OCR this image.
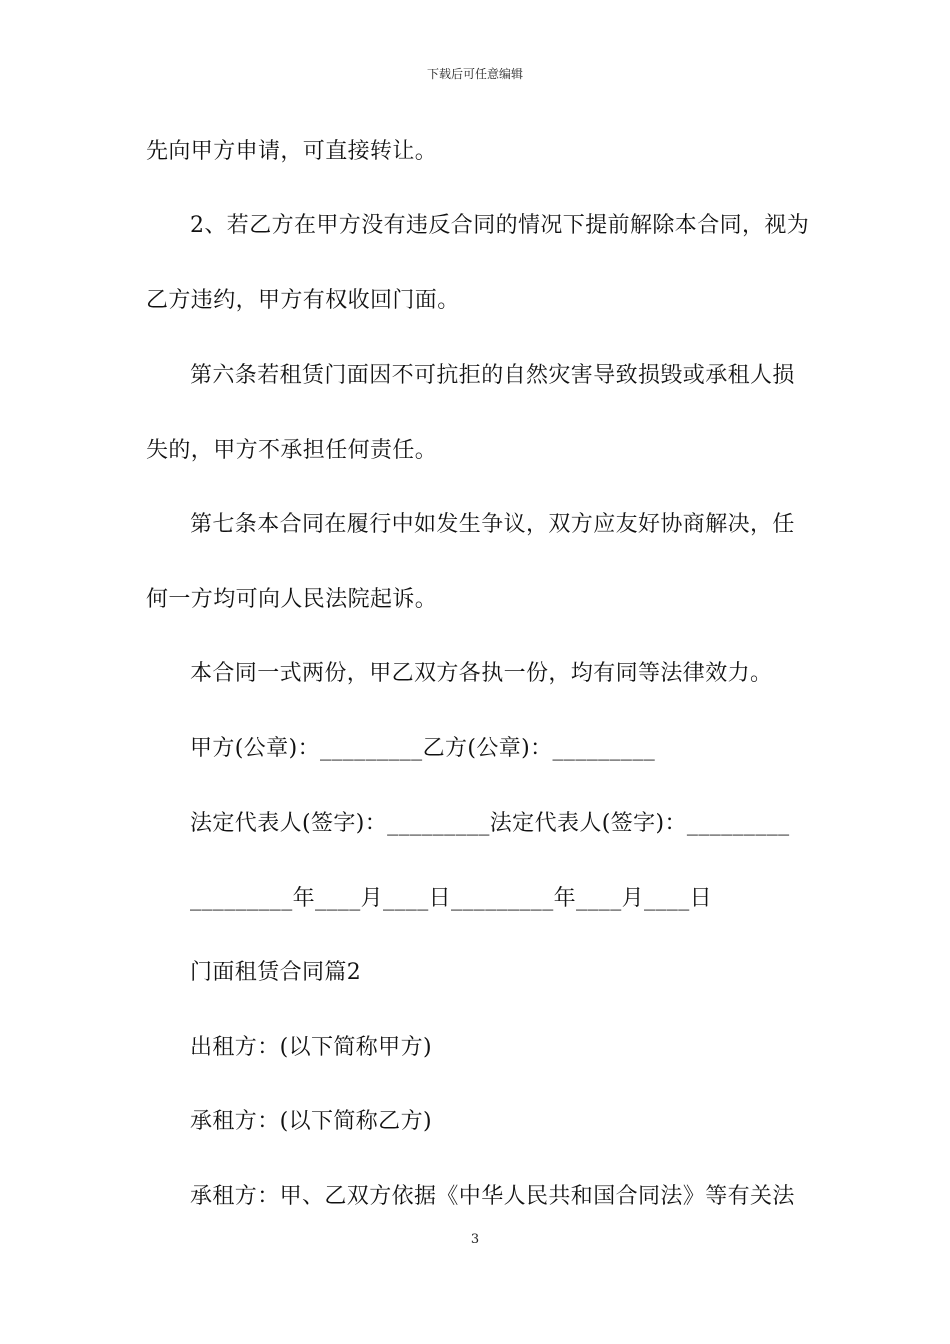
下载后可任意编辑
先向甲方申请，可直接转让。
2、若乙方在甲方没有违反合同的情况下提前解除本合同，视为
乙方违约，甲方有权收回门面。
第六条若租赁门面因不可抗拒的自然灾害导致损毁或承租人损
失的，甲方不承担任何责任。
第七条本合同在履行中如发生争议，双方应友好协商解决，任
何一方均可向人民法院起诉。
本合同一式两份，甲乙双方各执一份，均有同等法律效力。
甲方(公章)：_________乙方(公章)：_________
法定代表人(签字)：_________法定代表人(签字)：_________
_________年____月____日_________年____月____日
门面租赁合同篇2
出租方：(以下简称甲方)
承租方：(以下简称乙方)
承租方：甲、乙双方依据《中华人民共和国合同法》等有关法
3
